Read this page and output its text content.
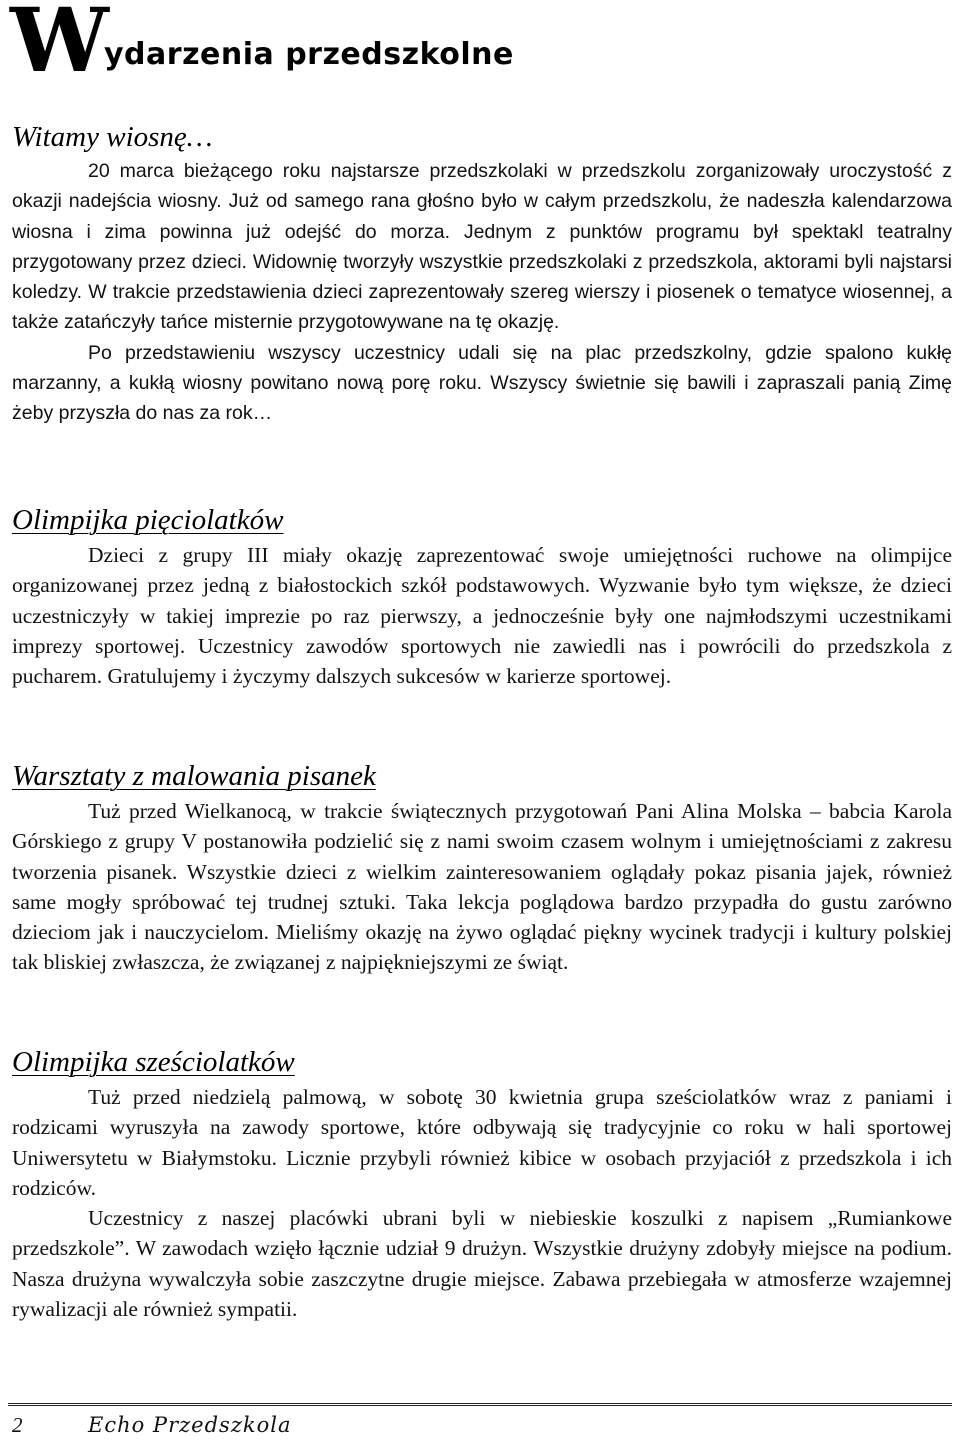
W ydarzenia przedszkolne
Witamy wiosnę…

20 marca bieżącego roku najstarsze przedszkolaki w przedszkolu zorganizowały uroczystość z okazji nadejścia wiosny. Już od samego rana głośno było w całym przedszkolu, że nadeszła kalendarzowa wiosna i zima powinna już odejść do morza. Jednym z punktów programu był spektakl teatralny przygotowany przez dzieci. Widownię tworzyły wszystkie przedszkolaki z przedszkola, aktorami byli najstarsi koledzy. W trakcie przedstawienia dzieci zaprezentowały szereg wierszy i piosenek o tematyce wiosennej, a także zatańczyły tańce misternie przygotowywane na tę okazję.

Po przedstawieniu wszyscy uczestnicy udali się na plac przedszkolny, gdzie spalono kukłę marzanny, a kukłą wiosny powitano nową porę roku. Wszyscy świetnie się bawili i zapraszali panią Zimę żeby przyszła do nas za rok…

Olimpijka pięciolatków

Dzieci z grupy III miały okazję zaprezentować swoje umiejętności ruchowe na olimpijce organizowanej przez jedną z białostockich szkół podstawowych. Wyzwanie było tym większe, że dzieci uczestniczyły w takiej imprezie po raz pierwszy, a jednocześnie były one najmłodszymi uczestnikami imprezy sportowej. Uczestnicy zawodów sportowych nie zawiedli nas i powrócili do przedszkola z pucharem. Gratulujemy i życzymy dalszych sukcesów w karierze sportowej.

Warsztaty z malowania pisanek

Tuż przed Wielkanocą, w trakcie świątecznych przygotowań Pani Alina Molska – babcia Karola Górskiego z grupy V postanowiła podzielić się z nami swoim czasem wolnym i umiejętnościami z zakresu tworzenia pisanek. Wszystkie dzieci z wielkim zainteresowaniem oglądały pokaz pisania jajek, również same mogły spróbować tej trudnej sztuki. Taka lekcja poglądowa bardzo przypadła do gustu zarówno dzieciom jak i nauczycielom. Mieliśmy okazję na żywo oglądać piękny wycinek tradycji i kultury polskiej tak bliskiej zwłaszcza, że związanej z najpiękniejszymi ze świąt.

Olimpijka sześciolatków

Tuż przed niedzielą palmową, w sobotę 30 kwietnia grupa sześciolatków wraz z paniami i rodzicami wyruszyła na zawody sportowe, które odbywają się tradycyjnie co roku w hali sportowej Uniwersytetu w Białymstoku. Licznie przybyli również kibice w osobach przyjaciół z przedszkola i ich rodziców.

Uczestnicy z naszej placówki ubrani byli w niebieskie koszulki z napisem „Rumiankowe przedszkole”. W zawodach wzięło łącznie udział 9 drużyn. Wszystkie drużyny zdobyły miejsce na podium. Nasza drużyna wywalczyła sobie zaszczytne drugie miejsce. Zabawa przebiegała w atmosferze wzajemnej rywalizacji ale również sympatii.

2	Echo Przedszkola
